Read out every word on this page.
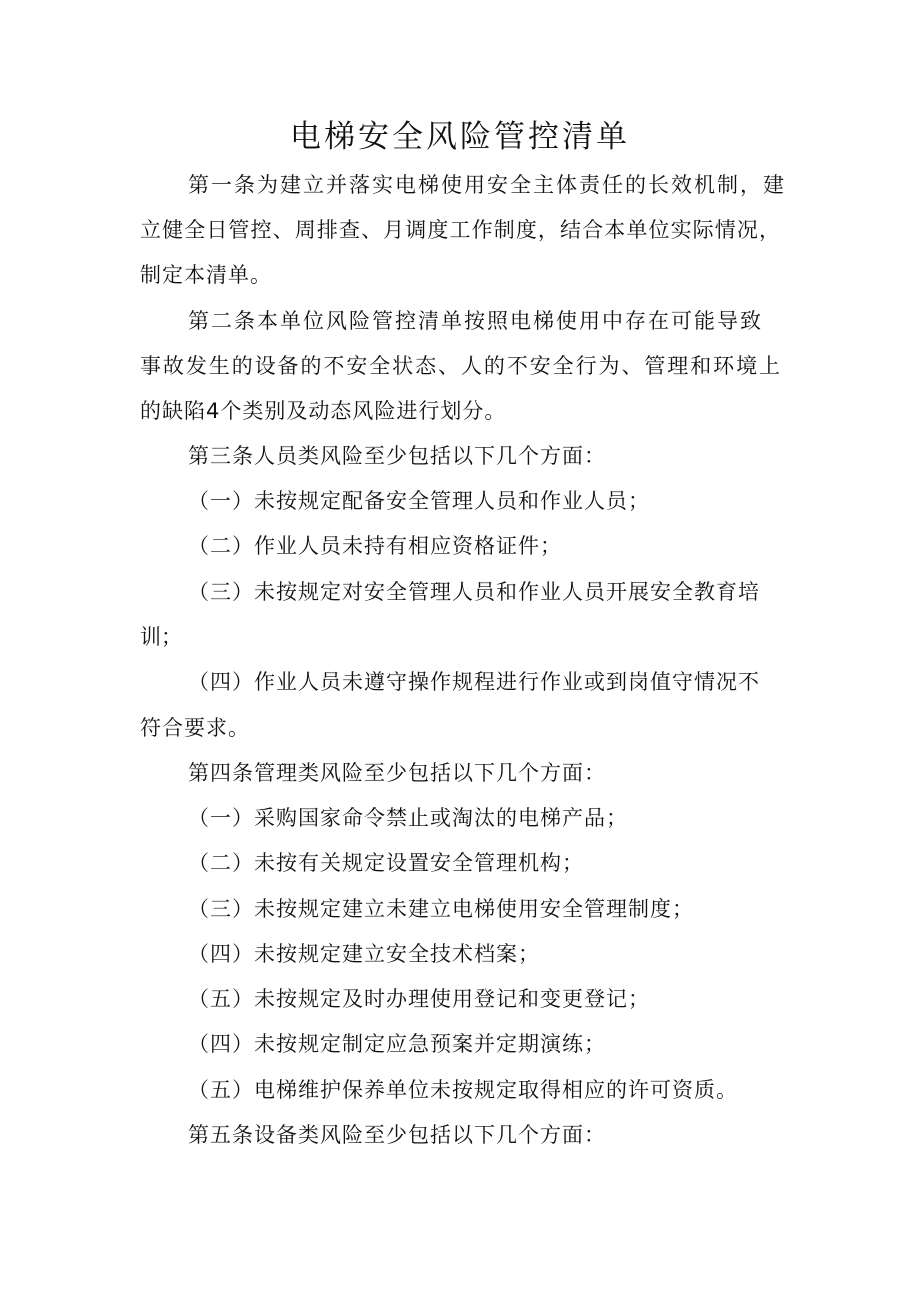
电梯安全风险管控清单
第一条为建立并落实电梯使用安全主体责任的长效机制，建
立健全日管控、周排查、月调度工作制度，结合本单位实际情况，
制定本清单。
第二条本单位风险管控清单按照电梯使用中存在可能导致
事故发生的设备的不安全状态、人的不安全行为、管理和环境上
的缺陷4个类别及动态风险进行划分。
第三条人员类风险至少包括以下几个方面：
（一）未按规定配备安全管理人员和作业人员；
（二）作业人员未持有相应资格证件；
（三）未按规定对安全管理人员和作业人员开展安全教育培
训；
（四）作业人员未遵守操作规程进行作业或到岗值守情况不
符合要求。
第四条管理类风险至少包括以下几个方面：
（一）采购国家命令禁止或淘汰的电梯产品；
（二）未按有关规定设置安全管理机构；
（三）未按规定建立未建立电梯使用安全管理制度；
（四）未按规定建立安全技术档案；
（五）未按规定及时办理使用登记和变更登记；
（四）未按规定制定应急预案并定期演练；
（五）电梯维护保养单位未按规定取得相应的许可资质。
第五条设备类风险至少包括以下几个方面：
